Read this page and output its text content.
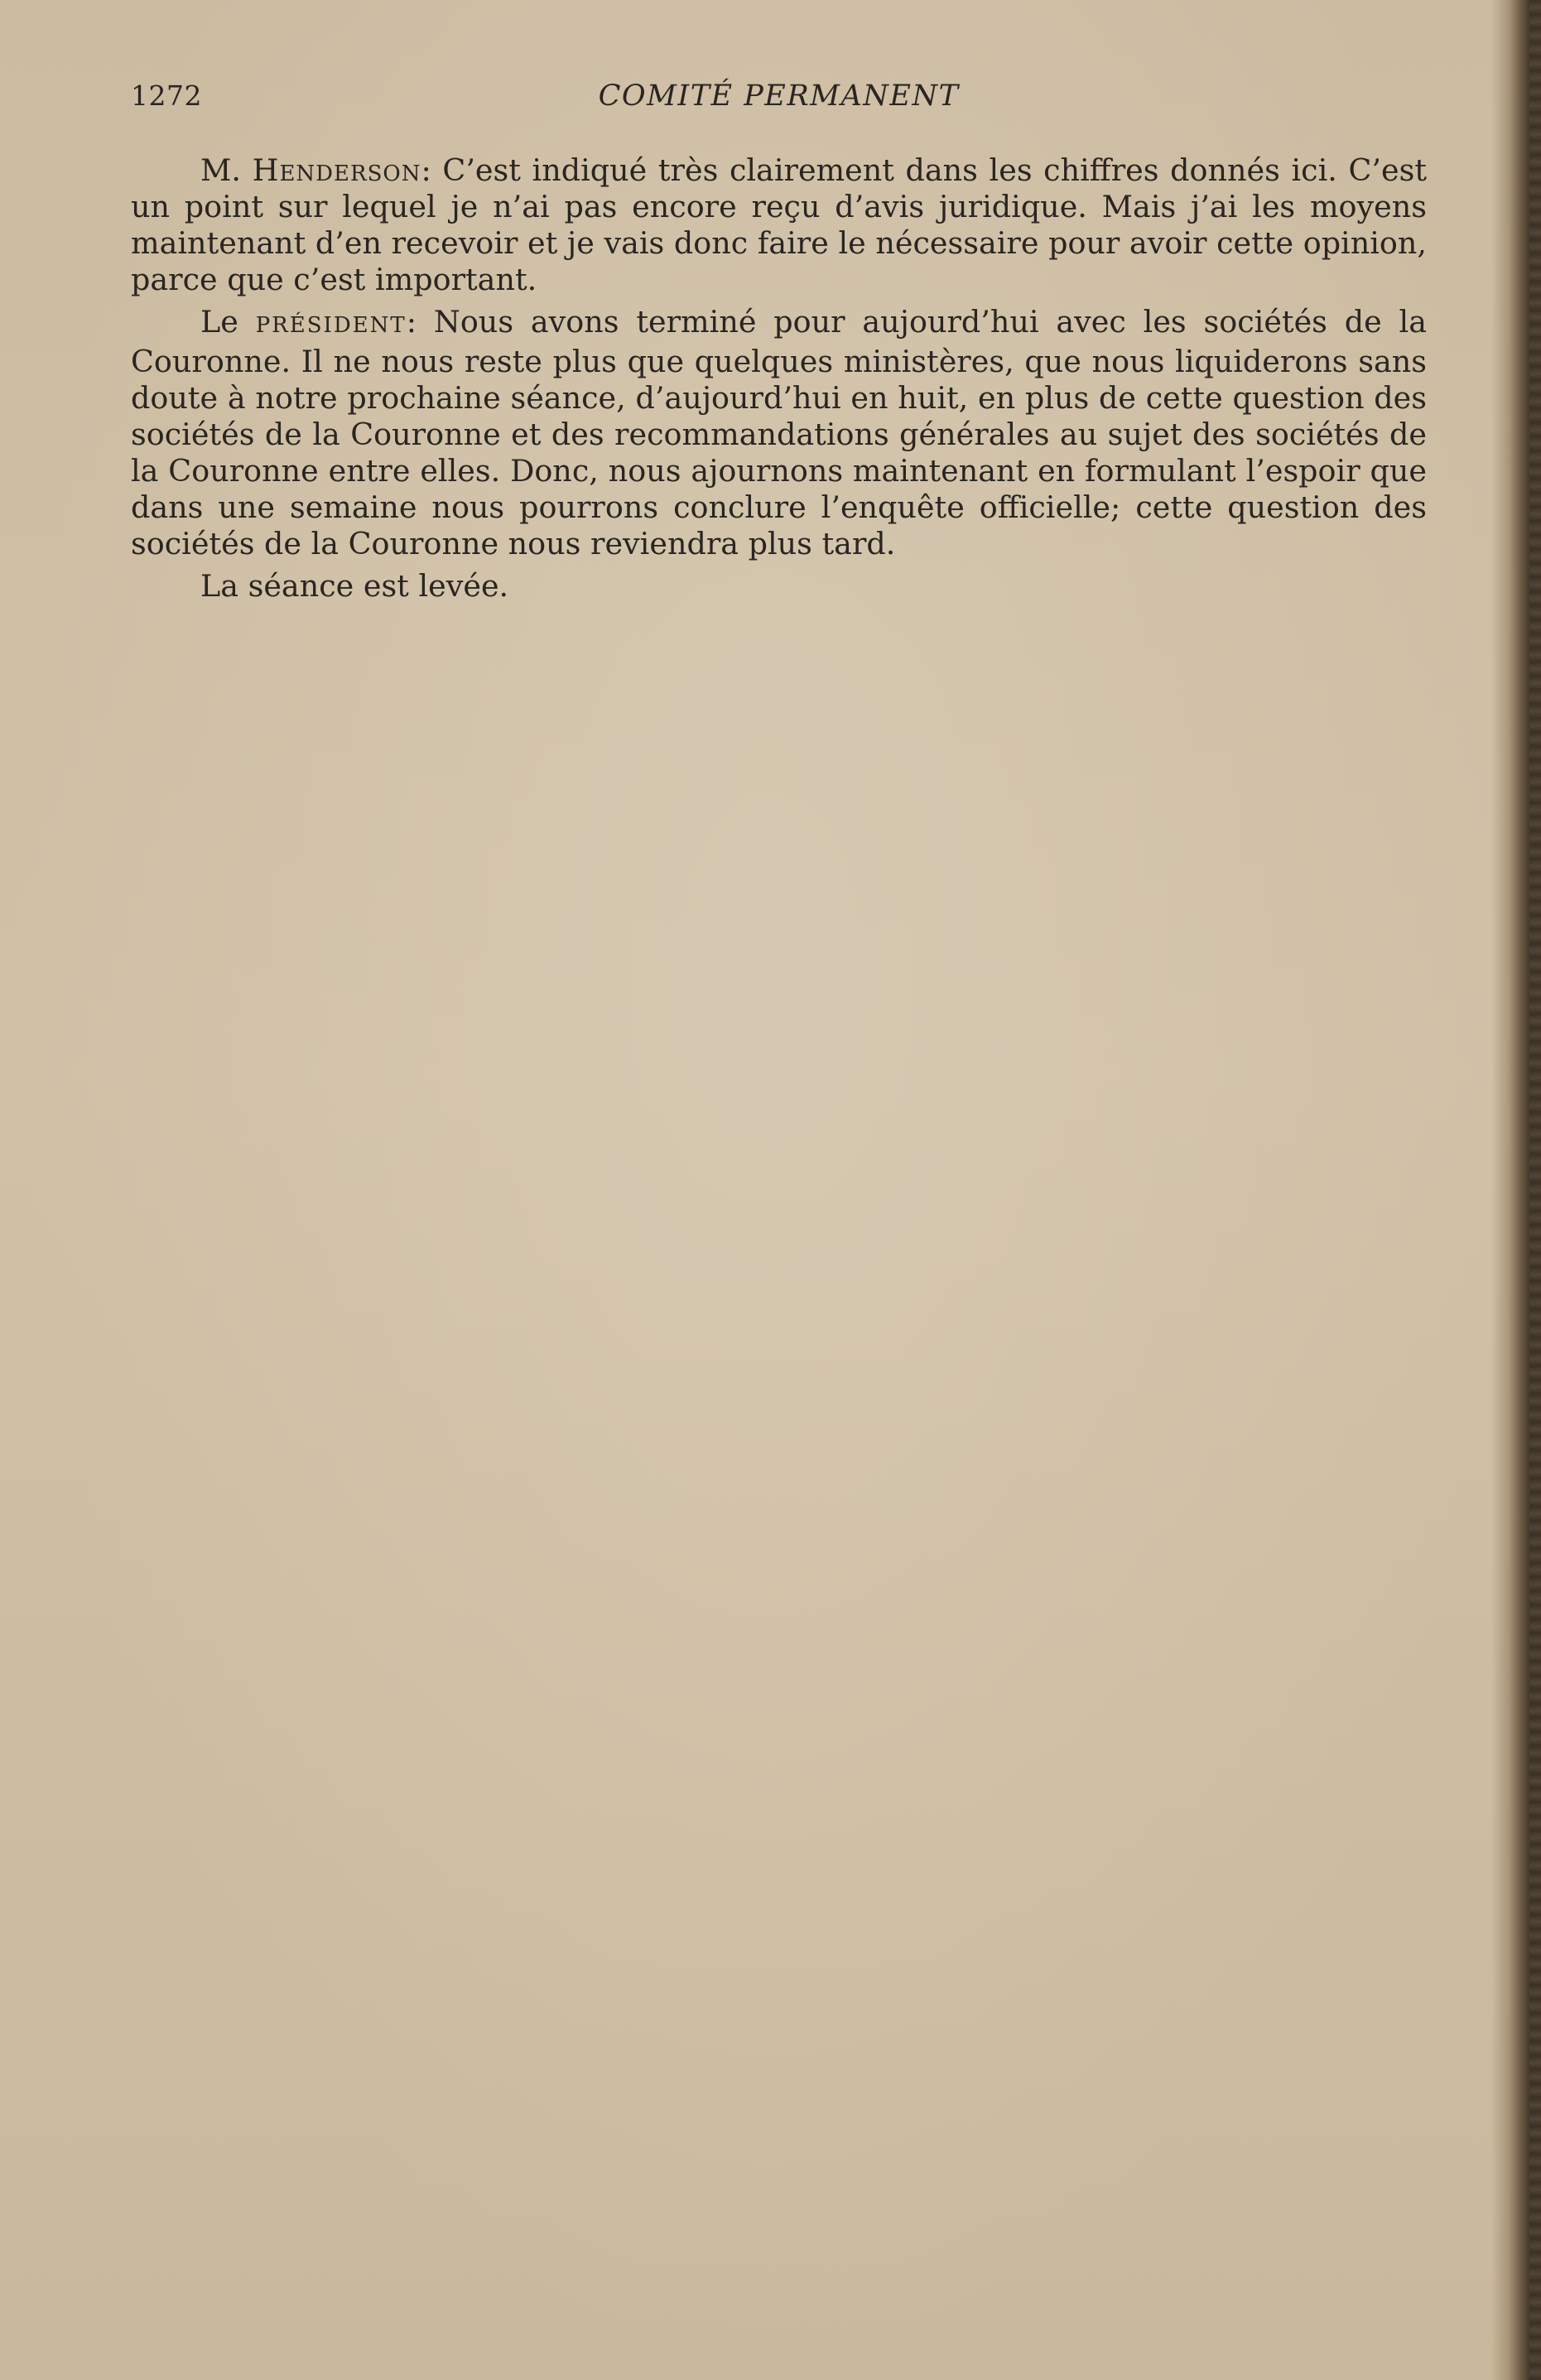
1272	COMITÉ PERMANENT

M. Henderson: C’est indiqué très clairement dans les chiffres donnés ici. C’est un point sur lequel je n’ai pas encore reçu d’avis juridique. Mais j’ai les moyens maintenant d’en recevoir et je vais donc faire le nécessaire pour avoir cette opinion, parce que c’est important.

Le PRÉSIDENT: Nous avons terminé pour aujourd’hui avec les sociétés de la Couronne. Il ne nous reste plus que quelques ministères, que nous liquiderons sans doute à notre prochaine séance, d’aujourd’hui en huit, en plus de cette question des sociétés de la Couronne et des recommandations générales au sujet des sociétés de la Couronne entre elles. Donc, nous ajournons maintenant en formulant l’espoir que dans une semaine nous pourrons conclure l’enquête officielle; cette question des sociétés de la Couronne nous reviendra plus tard.

La séance est levée.
